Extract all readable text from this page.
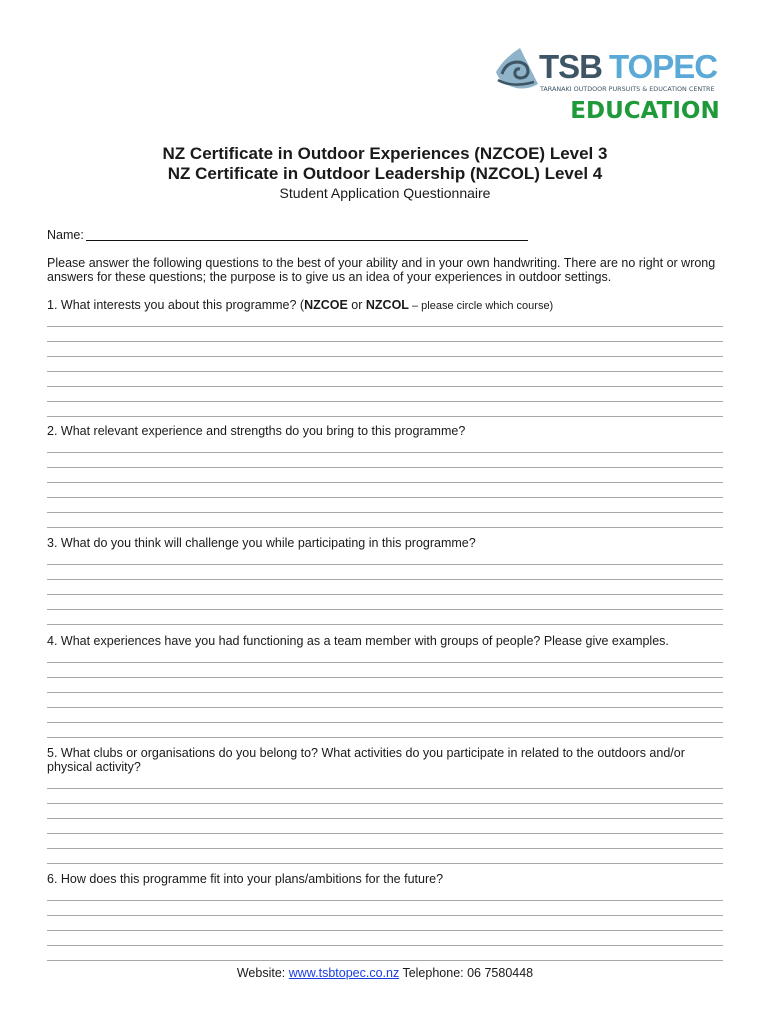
TSB TOPEC
TARANAKI OUTDOOR PURSUITS & EDUCATION CENTRE
EDUCATION
NZ Certificate in Outdoor Experiences (NZCOE) Level 3
NZ Certificate in Outdoor Leadership (NZCOL) Level 4
Student Application Questionnaire
Name:
Please answer the following questions to the best of your ability and in your own handwriting. There are no right or wrong answers for these questions; the purpose is to give us an idea of your experiences in outdoor settings.
1. What interests you about this programme? (NZCOE or NZCOL – please circle which course)
2. What relevant experience and strengths do you bring to this programme?
3. What do you think will challenge you while participating in this programme?
4. What experiences have you had functioning as a team member with groups of people? Please give examples.
5. What clubs or organisations do you belong to? What activities do you participate in related to the outdoors and/or physical activity?
6. How does this programme fit into your plans/ambitions for the future?
Website: www.tsbtopec.co.nz Telephone: 06 7580448
